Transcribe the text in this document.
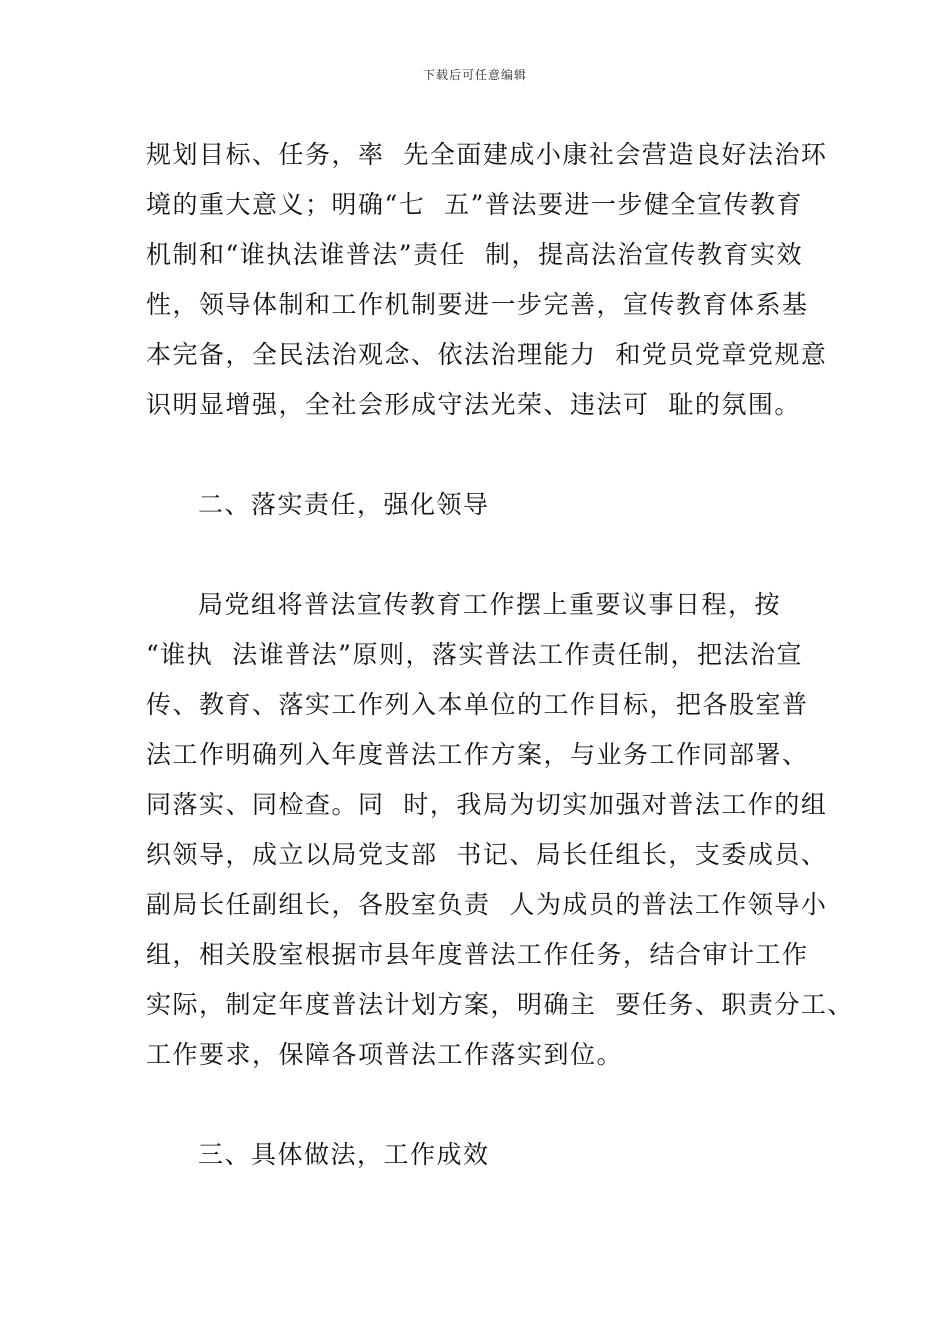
下载后可任意编辑
规划目标、任务，率  先全面建成小康社会营造良好法治环
境的重大意义；明确“七  五”普法要进一步健全宣传教育
机制和“谁执法谁普法”责任  制，提高法治宣传教育实效
性，领导体制和工作机制要进一步完善，宣传教育体系基
本完备，全民法治观念、依法治理能力  和党员党章党规意
识明显增强，全社会形成守法光荣、违法可  耻的氛围。
二、落实责任，强化领导
局党组将普法宣传教育工作摆上重要议事日程，按
“谁执  法谁普法”原则，落实普法工作责任制，把法治宣
传、教育、落实工作列入本单位的工作目标，把各股室普
法工作明确列入年度普法工作方案，与业务工作同部署、
同落实、同检查。同  时，我局为切实加强对普法工作的组
织领导，成立以局党支部  书记、局长任组长，支委成员、
副局长任副组长，各股室负责  人为成员的普法工作领导小
组，相关股室根据市县年度普法工作任务，结合审计工作
实际，制定年度普法计划方案，明确主  要任务、职责分工、
工作要求，保障各项普法工作落实到位。
三、具体做法，工作成效
